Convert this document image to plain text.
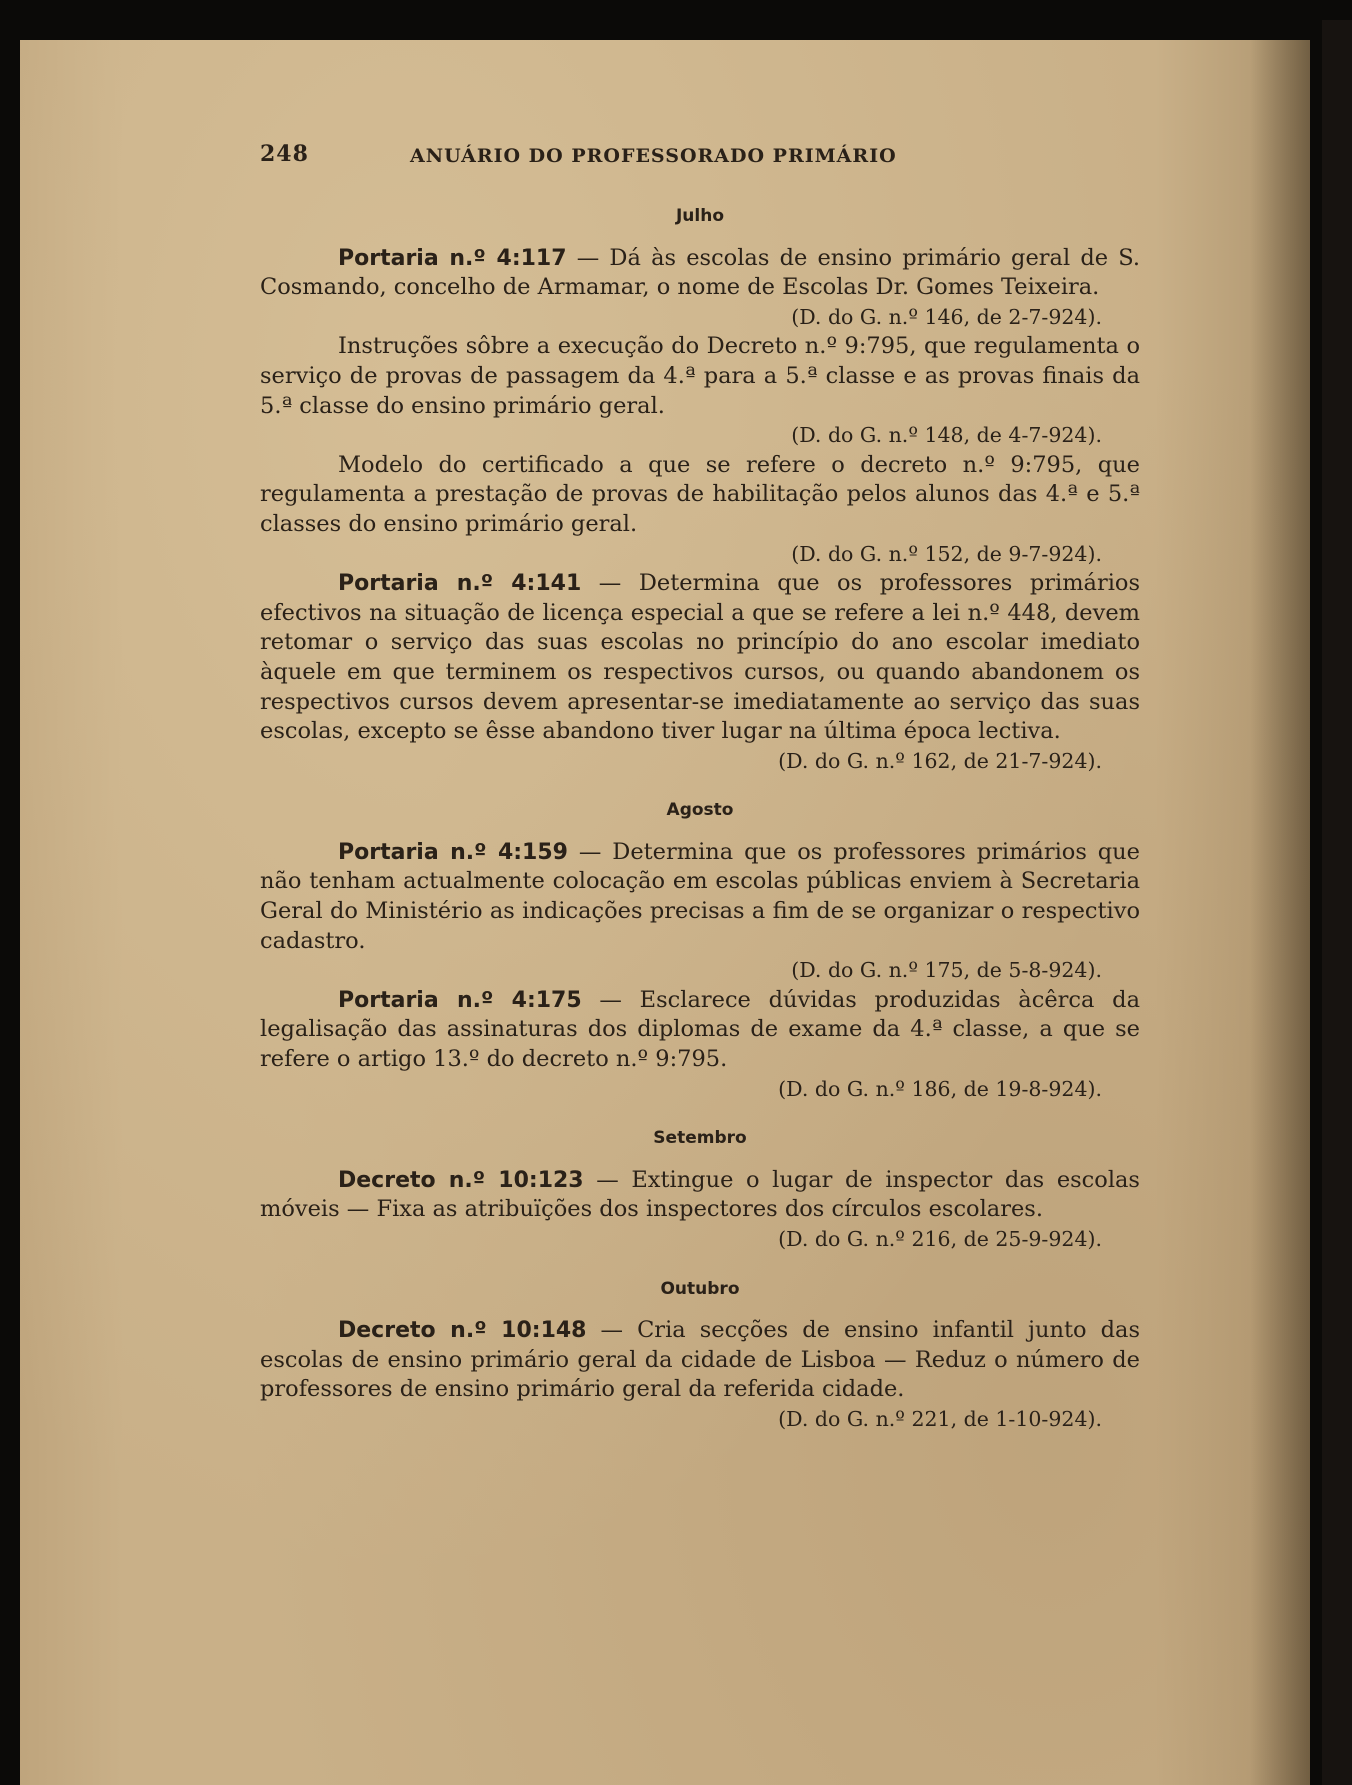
248	ANUÁRIO DO PROFESSORADO PRIMÁRIO
Julho

Portaria n.º 4:117 — Dá às escolas de ensino primário geral de S. Cosmando, concelho de Armamar, o nome de Escolas Dr. Gomes Teixeira.

(D. do G. n.º 146, de 2-7-924).

Instruções sôbre a execução do Decreto n.º 9:795, que regulamenta o serviço de provas de passagem da 4.ª para a 5.ª classe e as provas finais da 5.ª classe do ensino primário geral.

(D. do G. n.º 148, de 4-7-924).

Modelo do certificado a que se refere o decreto n.º 9:795, que regulamenta a prestação de provas de habilitação pelos alunos das 4.ª e 5.ª classes do ensino primário geral.

(D. do G. n.º 152, de 9-7-924).

Portaria n.º 4:141 — Determina que os professores primários efectivos na situação de licença especial a que se refere a lei n.º 448, devem retomar o serviço das suas escolas no princípio do ano escolar imediato àquele em que terminem os respectivos cursos, ou quando abandonem os respectivos cursos devem apresentar-se imediatamente ao serviço das suas escolas, excepto se êsse abandono tiver lugar na última época lectiva.

(D. do G. n.º 162, de 21-7-924).

Agosto

Portaria n.º 4:159 — Determina que os professores primários que não tenham actualmente colocação em escolas públicas enviem à Secretaria Geral do Ministério as indicações precisas a fim de se organizar o respectivo cadastro.

(D. do G. n.º 175, de 5-8-924).

Portaria n.º 4:175 — Esclarece dúvidas produzidas àcêrca da legalisação das assinaturas dos diplomas de exame da 4.ª classe, a que se refere o artigo 13.º do decreto n.º 9:795.

(D. do G. n.º 186, de 19-8-924).

Setembro

Decreto n.º 10:123 — Extingue o lugar de inspector das escolas móveis — Fixa as atribuïções dos inspectores dos círculos escolares.

(D. do G. n.º 216, de 25-9-924).

Outubro

Decreto n.º 10:148 — Cria secções de ensino infantil junto das escolas de ensino primário geral da cidade de Lisboa — Reduz o número de professores de ensino primário geral da referida cidade.

(D. do G. n.º 221, de 1-10-924).
